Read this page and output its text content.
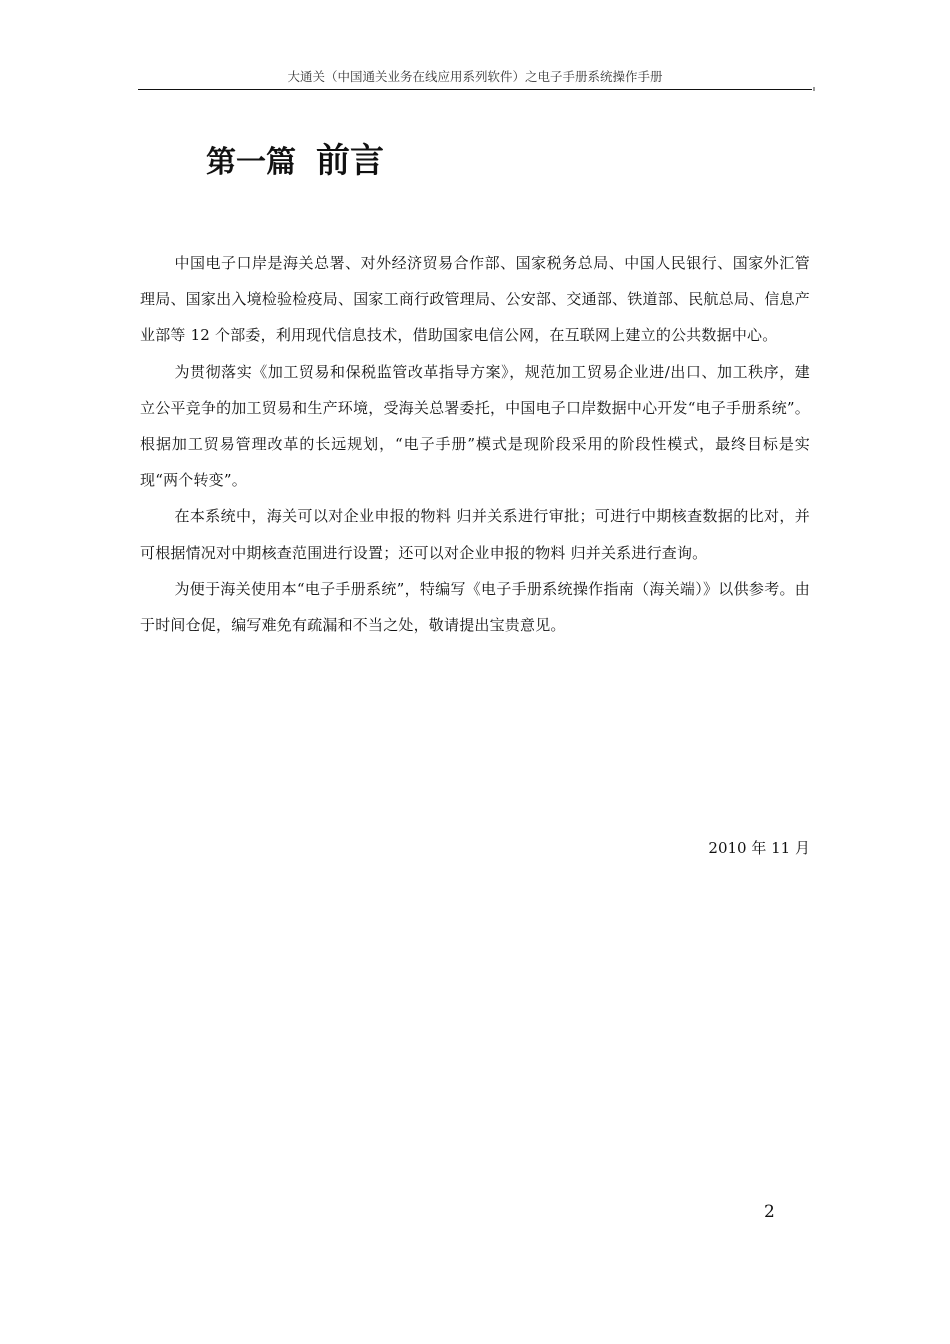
大通关（中国通关业务在线应用系列软件）之电子手册系统操作手册
第一篇 前言

中国电子口岸是海关总署、对外经济贸易合作部、国家税务总局、中国人民银行、国家外汇管理局、国家出入境检验检疫局、国家工商行政管理局、公安部、交通部、铁道部、民航总局、信息产业部等 12 个部委，利用现代信息技术，借助国家电信公网，在互联网上建立的公共数据中心。

为贯彻落实《加工贸易和保税监管改革指导方案》，规范加工贸易企业进/出口、加工秩序，建立公平竞争的加工贸易和生产环境，受海关总署委托，中国电子口岸数据中心开发“电子手册系统”。根据加工贸易管理改革的长远规划，“电子手册”模式是现阶段采用的阶段性模式，最终目标是实现“两个转变”。

在本系统中，海关可以对企业申报的物料 归并关系进行审批；可进行中期核查数据的比对，并可根据情况对中期核查范围进行设置；还可以对企业申报的物料 归并关系进行查询。

为便于海关使用本“电子手册系统”，特编写《电子手册系统操作指南（海关端）》以供参考。由于时间仓促，编写难免有疏漏和不当之处，敬请提出宝贵意见。

2010 年 11 月
2
